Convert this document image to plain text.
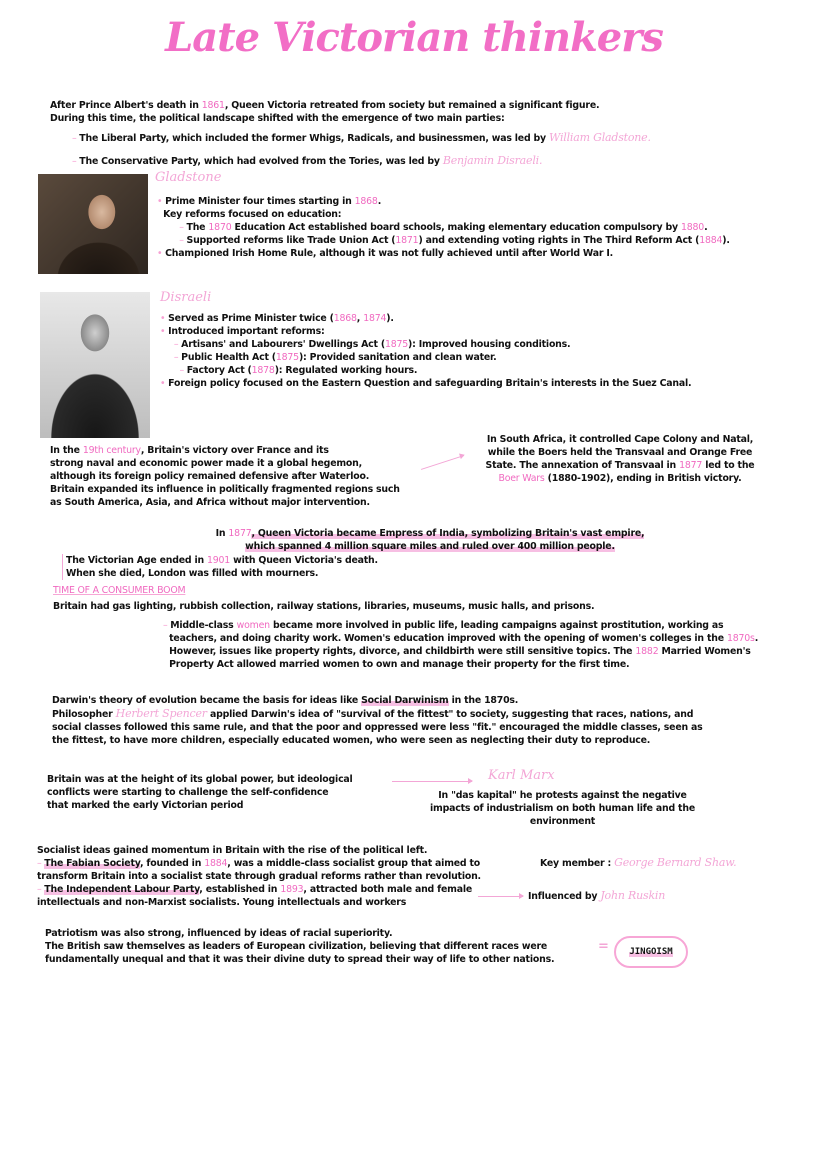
Late Victorian thinkers
After Prince Albert's death in 1861, Queen Victoria retreated from society but remained a significant figure.
During this time, the political landscape shifted with the emergence of two main parties:
– The Liberal Party, which included the former Whigs, Radicals, and businessmen, was led by William Gladstone.
– The Conservative Party, which had evolved from the Tories, was led by Benjamin Disraeli.
Gladstone
• Prime Minister four times starting in 1868.
Key reforms focused on education:
– The 1870 Education Act established board schools, making elementary education compulsory by 1880.
– Supported reforms like Trade Union Act (1871) and extending voting rights in The Third Reform Act (1884).
• Championed Irish Home Rule, although it was not fully achieved until after World War I.
Disraeli
• Served as Prime Minister twice (1868, 1874).
• Introduced important reforms:
– Artisans' and Labourers' Dwellings Act (1875): Improved housing conditions.
– Public Health Act (1875): Provided sanitation and clean water.
– Factory Act (1878): Regulated working hours.
• Foreign policy focused on the Eastern Question and safeguarding Britain's interests in the Suez Canal.
In the 19th century, Britain's victory over France and its
strong naval and economic power made it a global hegemon,
although its foreign policy remained defensive after Waterloo.
Britain expanded its influence in politically fragmented regions such
as South America, Asia, and Africa without major intervention.
In South Africa, it controlled Cape Colony and Natal,
while the Boers held the Transvaal and Orange Free
State. The annexation of Transvaal in 1877 led to the
Boer Wars (1880-1902), ending in British victory.
In 1877, Queen Victoria became Empress of India, symbolizing Britain's vast empire,
which spanned 4 million square miles and ruled over 400 million people.
The Victorian Age ended in 1901 with Queen Victoria's death.
When she died, London was filled with mourners.
TIME OF A CONSUMER BOOM
Britain had gas lighting, rubbish collection, railway stations, libraries, museums, music halls, and prisons.
– Middle-class women became more involved in public life, leading campaigns against prostitution, working as
teachers, and doing charity work. Women's education improved with the opening of women's colleges in the 1870s.
However, issues like property rights, divorce, and childbirth were still sensitive topics. The 1882 Married Women's
Property Act allowed married women to own and manage their property for the first time.
Darwin's theory of evolution became the basis for ideas like Social Darwinism in the 1870s.
Philosopher Herbert Spencer applied Darwin's idea of "survival of the fittest" to society, suggesting that races, nations, and
social classes followed this same rule, and that the poor and oppressed were less "fit." encouraged the middle classes, seen as
the fittest, to have more children, especially educated women, who were seen as neglecting their duty to reproduce.
Britain was at the height of its global power, but ideological
conflicts were starting to challenge the self-confidence
that marked the early Victorian period
Karl Marx
In "das kapital" he protests against the negative
impacts of industrialism on both human life and the
environment
Socialist ideas gained momentum in Britain with the rise of the political left.
– The Fabian Society, founded in 1884, was a middle-class socialist group that aimed to
transform Britain into a socialist state through gradual reforms rather than revolution.
– The Independent Labour Party, established in 1893, attracted both male and female
intellectuals and non-Marxist socialists. Young intellectuals and workers
Key member : George Bernard Shaw.
Influenced by John Ruskin
Patriotism was also strong, influenced by ideas of racial superiority.
The British saw themselves as leaders of European civilization, believing that different races were
fundamentally unequal and that it was their divine duty to spread their way of life to other nations.
= JINGOISM
